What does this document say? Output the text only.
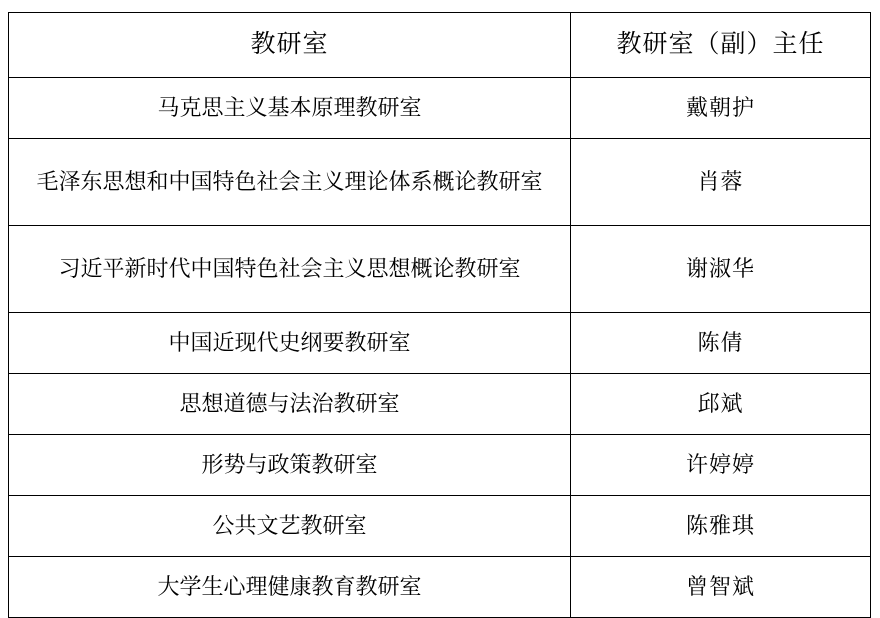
教研室	教研室（副）主任
马克思主义基本原理教研室	戴朝护
毛泽东思想和中国特色社会主义理论体系概论教研室	肖蓉
习近平新时代中国特色社会主义思想概论教研室	谢淑华
中国近现代史纲要教研室	陈倩
思想道德与法治教研室	邱斌
形势与政策教研室	许婷婷
公共文艺教研室	陈雅琪
大学生心理健康教育教研室	曾智斌
